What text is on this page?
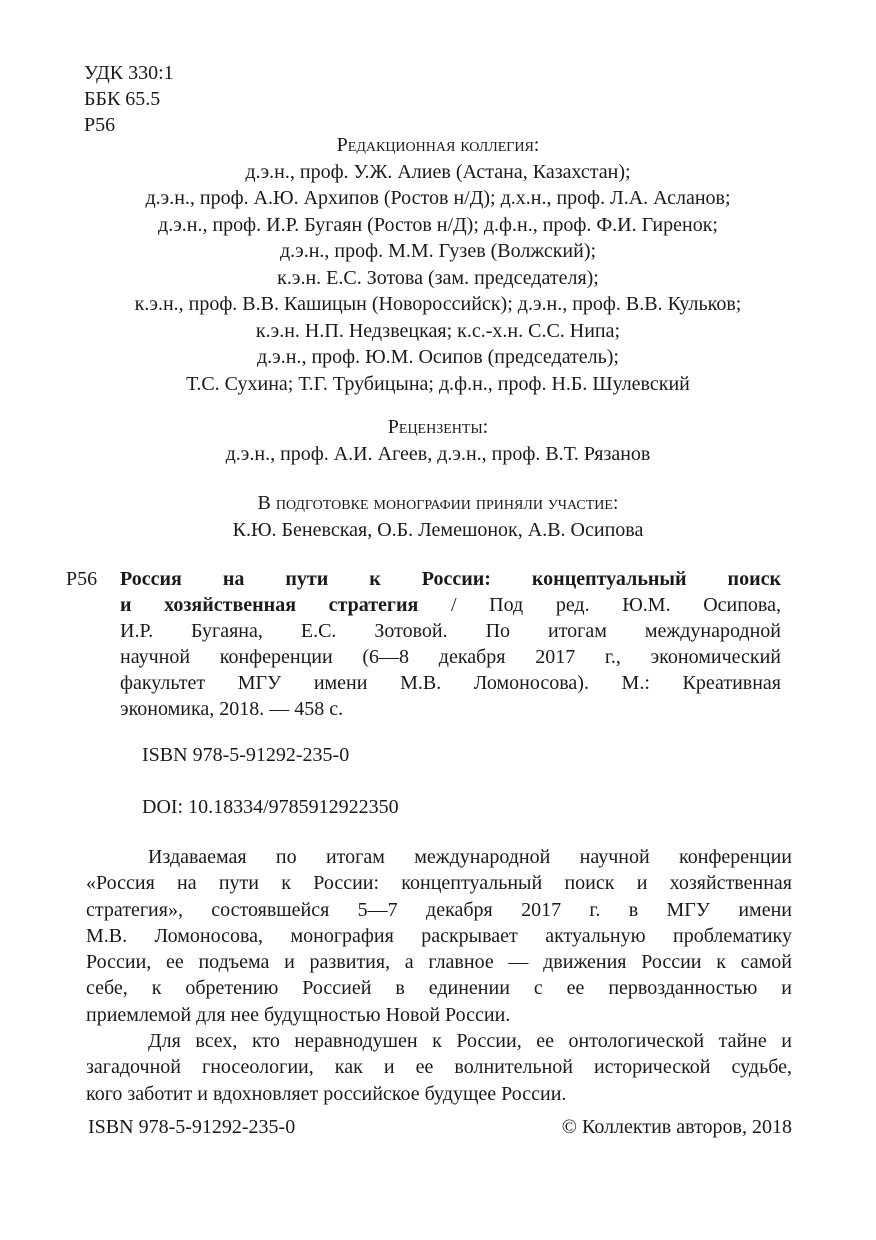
УДК 330:1
ББК 65.5
Р56
Редакционная коллегия:
д.э.н., проф. У.Ж. Алиев (Астана, Казахстан);
д.э.н., проф. А.Ю. Архипов (Ростов н/Д); д.х.н., проф. Л.А. Асланов;
д.э.н., проф. И.Р. Бугаян (Ростов н/Д); д.ф.н., проф. Ф.И. Гиренок;
д.э.н., проф. М.М. Гузев (Волжский);
к.э.н. Е.С. Зотова (зам. председателя);
к.э.н., проф. В.В. Кашицын (Новороссийск); д.э.н., проф. В.В. Кульков;
к.э.н. Н.П. Недзвецкая; к.с.-х.н. С.С. Нипа;
д.э.н., проф. Ю.М. Осипов (председатель);
Т.С. Сухина; Т.Г. Трубицына; д.ф.н., проф. Н.Б. Шулевский
Рецензенты:
д.э.н., проф. А.И. Агеев, д.э.н., проф. В.Т. Рязанов
В подготовке монографии приняли участие:
К.Ю. Беневская, О.Б. Лемешонок, А.В. Осипова
Р56 Россия на пути к России: концептуальный поиск
и хозяйственная стратегия / Под ред. Ю.М. Осипова,
И.Р. Бугаяна, Е.С. Зотовой. По итогам международной
научной конференции (6—8 декабря 2017 г., экономический
факультет МГУ имени М.В. Ломоносова). М.: Креативная
экономика, 2018. — 458 с.
ISBN 978-5-91292-235-0
DOI: 10.18334/9785912922350
Издаваемая по итогам международной научной конференции
«Россия на пути к России: концептуальный поиск и хозяйственная
стратегия», состоявшейся 5—7 декабря 2017 г. в МГУ имени
М.В. Ломоносова, монография раскрывает актуальную проблематику
России, ее подъема и развития, а главное — движения России к самой
себе, к обретению Россией в единении с ее первозданностью и
приемлемой для нее будущностью Новой России.
Для всех, кто неравнодушен к России, ее онтологической тайне и
загадочной гносеологии, как и ее волнительной исторической судьбе,
кого заботит и вдохновляет российское будущее России.
ISBN 978-5-91292-235-0	© Коллектив авторов, 2018
